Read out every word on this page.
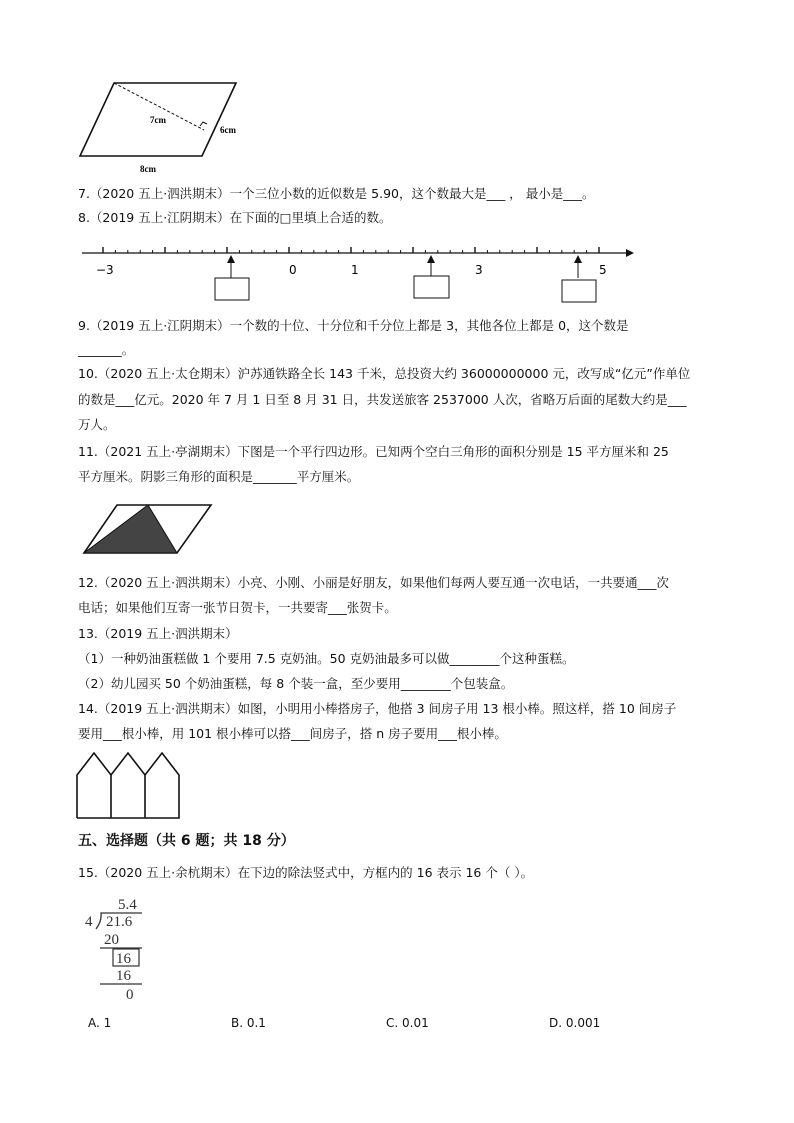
7cm
6cm
8cm
7.（2020 五上·泗洪期末）一个三位小数的近似数是 5.90，这个数最大是___ ， 最小是___。
8.（2019 五上·江阴期末）在下面的□里填上合适的数。
−3	0	1	3	5
9.（2019 五上·江阴期末）一个数的十位、十分位和千分位上都是 3，其他各位上都是 0，这个数是
_______。
10.（2020 五上·太仓期末）沪苏通铁路全长 143 千米，总投资大约 36000000000 元，改写成“亿元”作单位
的数是___亿元。2020 年 7 月 1 日至 8 月 31 日，共发送旅客 2537000 人次，省略万后面的尾数大约是___
万人。
11.（2021 五上·亭湖期末）下图是一个平行四边形。已知两个空白三角形的面积分别是 15 平方厘米和 25
平方厘米。阴影三角形的面积是_______平方厘米。
12.（2020 五上·泗洪期末）小亮、小刚、小丽是好朋友，如果他们每两人要互通一次电话，一共要通___次
电话；如果他们互寄一张节日贺卡，一共要寄___张贺卡。
13.（2019 五上·泗洪期末）
（1）一种奶油蛋糕做 1 个要用 7.5 克奶油。50 克奶油最多可以做________个这种蛋糕。
（2）幼儿园买 50 个奶油蛋糕，每 8 个装一盒，至少要用________个包装盒。
14.（2019 五上·泗洪期末）如图，小明用小棒搭房子，他搭 3 间房子用 13 根小棒。照这样，搭 10 间房子
要用___根小棒，用 101 根小棒可以搭___间房子，搭 n 房子要用___根小棒。
五、选择题（共 6 题；共 18 分）
15.（2020 五上·余杭期末）在下边的除法竖式中，方框内的 16 表示 16 个（ ）。
5.4
4 21.6
20
16
16
0
A. 1	B. 0.1	C. 0.01	D. 0.001
